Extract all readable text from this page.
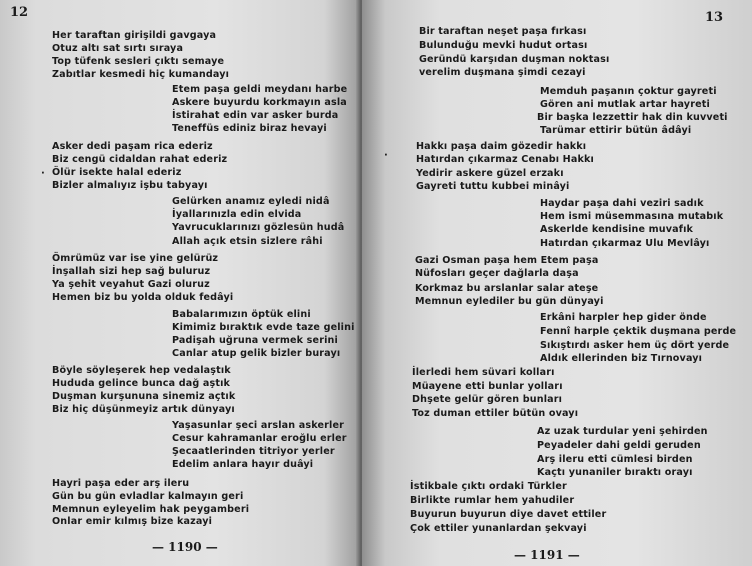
12
Her taraftan girişildi gavgaya
Otuz altı sat sırtı sıraya
Top tüfenk sesleri çıktı semaye
Zabıtlar kesmedi hiç kumandayı
Etem paşa geldi meydanı harbe
Askere buyurdu korkmayın asla
İstirahat edin var asker burda
Teneffüs ediniz biraz hevayi
Asker dedi paşam rica ederiz
Biz cengü cidaldan rahat ederiz
Ölür isekte halal ederiz
Bizler almalıyız işbu tabyayı
Gelürken anamız eyledi nidâ
İyallarınızla edin elvida
Yavrucuklarınızı gözlesün hudâ
Allah açık etsin sizlere râhi
Ömrümüz var ise yine gelürüz
İnşallah sizi hep sağ buluruz
Ya şehit veyahut Gazi oluruz
Hemen biz bu yolda olduk fedâyi
Babalarımızın öptük elini
Kimimiz bıraktık evde taze gelini
Padişah uğruna vermek serini
Canlar atup gelik bizler burayı
Böyle söyleşerek hep vedalaştık
Hududa gelince bunca dağ aştık
Duşman kurşununa sinemiz açtık
Biz hiç düşünmeyiz artık dünyayı
Yaşasunlar şeci arslan askerler
Cesur kahramanlar eroğlu erler
Şecaatlerinden titriyor yerler
Edelim anlara hayır duâyi
Hayri paşa eder arş ileru
Gün bu gün evladlar kalmayın geri
Memnun eyleyelim hak peygamberi
Onlar emir kılmış bize kazayi
·
— 1190 —
13
Bir taraftan neşet paşa fırkası
Bulunduğu mevki hudut ortası
Geründü karşıdan duşman noktası
verelim duşmana şimdi cezayi
Memduh paşanın çoktur gayreti
Gören ani mutlak artar hayreti
Bir başka lezzettir hak din kuvveti
Tarümar ettirir bütün âdâyi
Hakkı paşa daim gözedir hakkı
Hatırdan çıkarmaz Cenabı Hakkı
Yedirir askere güzel erzakı
Gayreti tuttu kubbei minâyi
Haydar paşa dahi veziri sadık
Hem ismi müsemmasına mutabık
Askerlde kendisine muvafık
Hatırdan çıkarmaz Ulu Mevlâyı
Gazi Osman paşa hem Etem paşa
Nüfosları geçer dağlarla daşa
Korkmaz bu arslanlar salar ateşe
Memnun eylediler bu gün dünyayi
Erkâni harpler hep gider önde
Fennî harple çektik duşmana perde
Sıkıştırdı asker hem üç dört yerde
Aldık ellerinden biz Tırnovayı
İlerledi hem süvari kolları
Müayene etti bunlar yolları
Dhşete gelür gören bunları
Toz duman ettiler bütün ovayı
Az uzak turdular yeni şehirden
Peyadeler dahi geldi geruden
Arş ileru etti cümlesi birden
Kaçtı yunaniler bıraktı orayı
İstikbale çıktı ordaki Türkler
Birlikte rumlar hem yahudiler
Buyurun buyurun diye davet ettiler
Çok ettiler yunanlardan şekvayi
·
— 1191 —
